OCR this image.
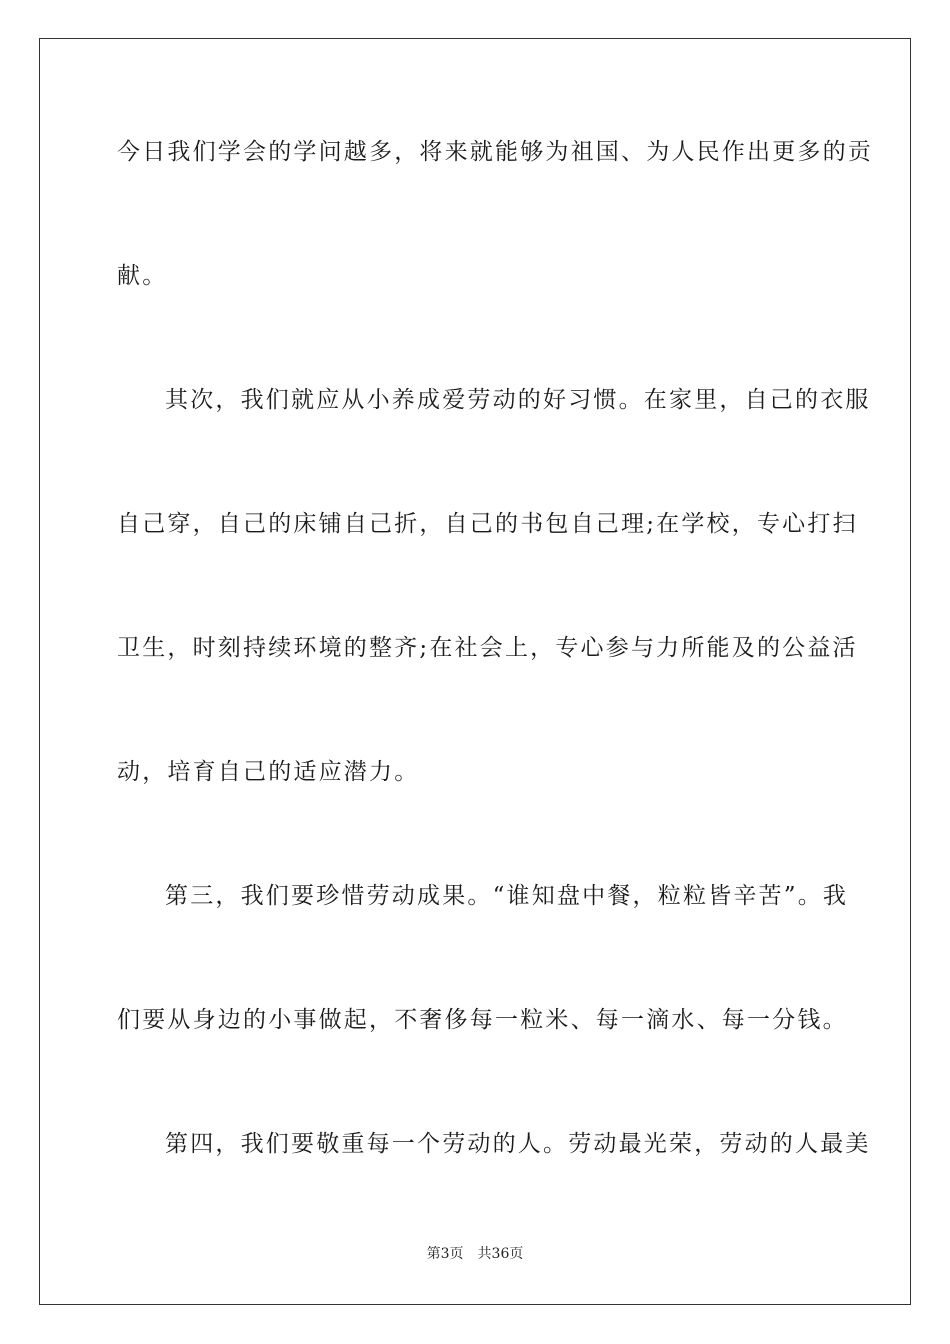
今日我们学会的学问越多，将来就能够为祖国、为人民作出更多的贡
献。
其次，我们就应从小养成爱劳动的好习惯。在家里，自己的衣服
自己穿，自己的床铺自己折，自己的书包自己理;在学校，专心打扫
卫生，时刻持续环境的整齐;在社会上，专心参与力所能及的公益活
动，培育自己的适应潜力。
第三，我们要珍惜劳动成果。“谁知盘中餐，粒粒皆辛苦”。我
们要从身边的小事做起，不奢侈每一粒米、每一滴水、每一分钱。
第四，我们要敬重每一个劳动的人。劳动最光荣，劳动的人最美
第3页 共36页
